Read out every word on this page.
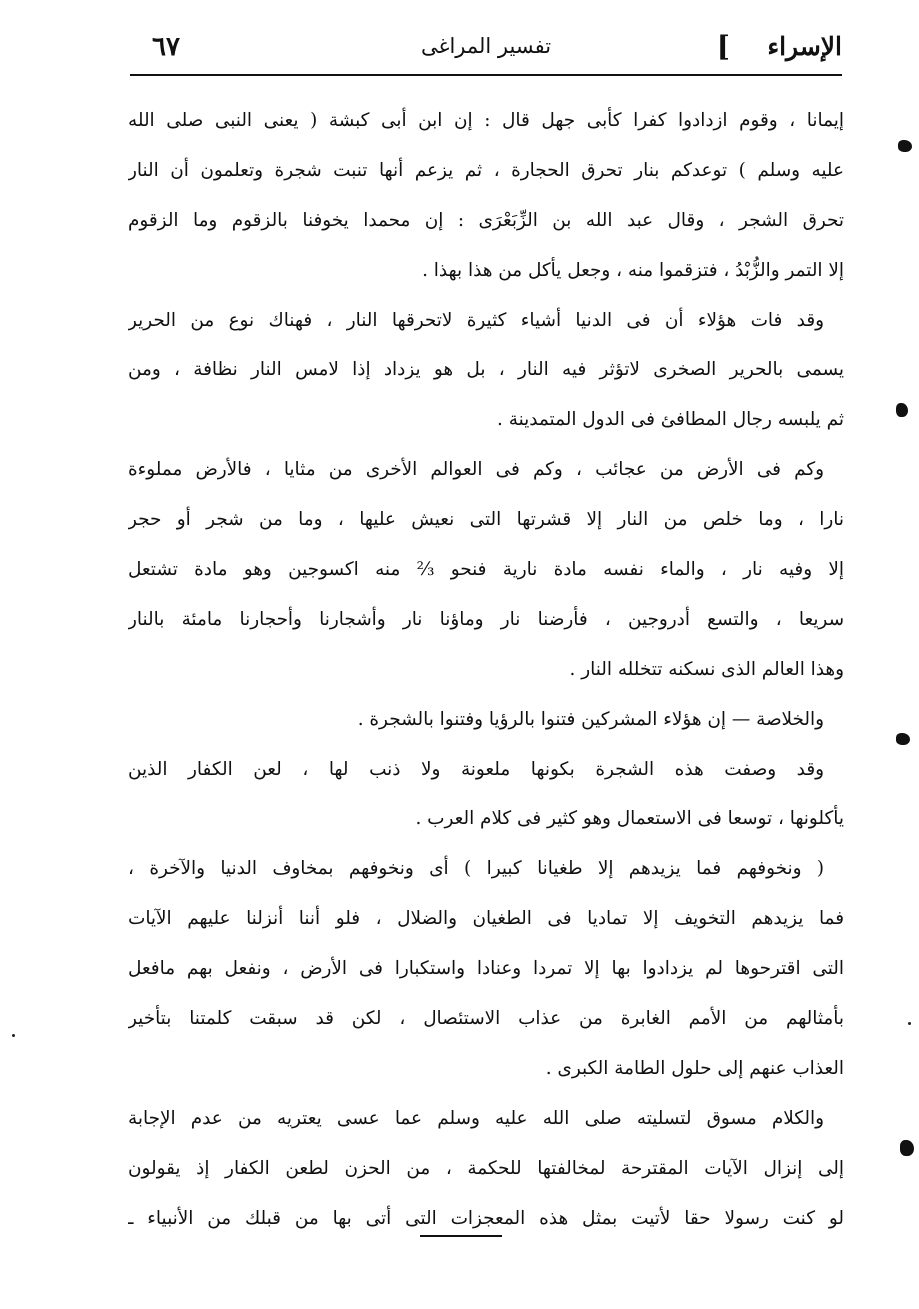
الإسراء
]
تفسير المراغى
٦٧
إيمانا ، وقوم ازدادوا كفرا كأبى جهل قال : إن ابن أبى كبشة ( يعنى النبى صلى الله
عليه وسلم ) توعدكم بنار تحرق الحجارة ، ثم يزعم أنها تنبت شجرة وتعلمون أن النار
تحرق الشجر ، وقال عبد الله بن الزِّبَعْرَى : إن محمدا يخوفنا بالزقوم وما الزقوم
إلا التمر والزُّبْدُ ، فتزقموا منه ، وجعل يأكل من هذا بهذا .
وقد فات هؤلاء أن فى الدنيا أشياء كثيرة لاتحرقها النار ، فهناك نوع من الحرير
يسمى بالحرير الصخرى لاتؤثر فيه النار ، بل هو يزداد إذا لامس النار نظافة ، ومن
ثم يلبسه رجال المطافئ فى الدول المتمدينة .
وكم فى الأرض من عجائب ، وكم فى العوالم الأخرى من مثايا ، فالأرض مملوءة
نارا ، وما خلص من النار إلا قشرتها التى نعيش عليها ، وما من شجر أو حجر
إلا وفيه نار ، والماء نفسه مادة نارية فنحو ⅔ منه اكسوجين وهو مادة تشتعل
سريعا ، والتسع أدروجين ، فأرضنا نار وماؤنا نار وأشجارنا وأحجارنا مامئة بالنار
وهذا العالم الذى نسكنه تتخلله النار .
والخلاصة — إن هؤلاء المشركين فتنوا بالرؤيا وفتنوا بالشجرة .
وقد وصفت هذه الشجرة بكونها ملعونة ولا ذنب لها ، لعن الكفار الذين
يأكلونها ، توسعا فى الاستعمال وهو كثير فى كلام العرب .
( ونخوفهم فما يزيدهم إلا طغيانا كبيرا ) أى ونخوفهم بمخاوف الدنيا والآخرة ،
فما يزيدهم التخويف إلا تماديا فى الطغيان والضلال ، فلو أننا أنزلنا عليهم الآيات
التى اقترحوها لم يزدادوا بها إلا تمردا وعنادا واستكبارا فى الأرض ، ونفعل بهم مافعل
بأمثالهم من الأمم الغابرة من عذاب الاستئصال ، لكن قد سبقت كلمتنا بتأخير
العذاب عنهم إلى حلول الطامة الكبرى .
والكلام مسوق لتسليته صلى الله عليه وسلم عما عسى يعتريه من عدم الإجابة
إلى إنزال الآيات المقترحة لمخالفتها للحكمة ، من الحزن لطعن الكفار إذ يقولون
لو كنت رسولا حقا لأتيت بمثل هذه المعجزات التى أتى بها من قبلك من الأنبياء ـ
